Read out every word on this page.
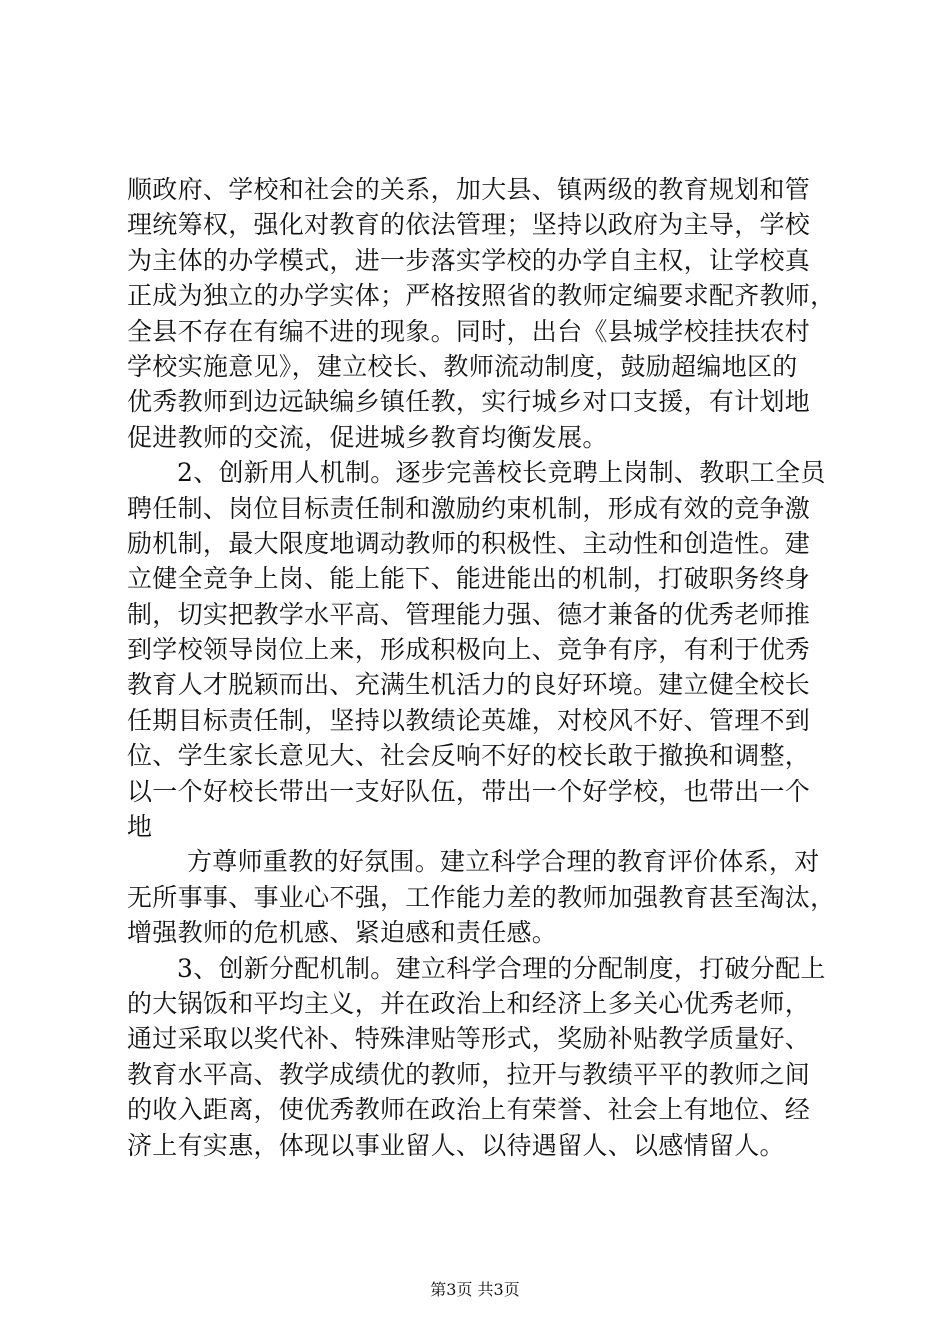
顺政府、学校和社会的关系，加大县、镇两级的教育规划和管
理统筹权，强化对教育的依法管理；坚持以政府为主导，学校
为主体的办学模式，进一步落实学校的办学自主权，让学校真
正成为独立的办学实体；严格按照省的教师定编要求配齐教师，
全县不存在有编不进的现象。同时，出台《县城学校挂扶农村
学校实施意见》，建立校长、教师流动制度，鼓励超编地区的
优秀教师到边远缺编乡镇任教，实行城乡对口支援，有计划地
促进教师的交流，促进城乡教育均衡发展。
2、创新用人机制。逐步完善校长竞聘上岗制、教职工全员
聘任制、岗位目标责任制和激励约束机制，形成有效的竞争激
励机制，最大限度地调动教师的积极性、主动性和创造性。建
立健全竞争上岗、能上能下、能进能出的机制，打破职务终身
制，切实把教学水平高、管理能力强、德才兼备的优秀老师推
到学校领导岗位上来，形成积极向上、竞争有序，有利于优秀
教育人才脱颖而出、充满生机活力的良好环境。建立健全校长
任期目标责任制，坚持以教绩论英雄，对校风不好、管理不到
位、学生家长意见大、社会反响不好的校长敢于撤换和调整，
以一个好校长带出一支好队伍，带出一个好学校，也带出一个
地
方尊师重教的好氛围。建立科学合理的教育评价体系，对
无所事事、事业心不强，工作能力差的教师加强教育甚至淘汰，
增强教师的危机感、紧迫感和责任感。
3、创新分配机制。建立科学合理的分配制度，打破分配上
的大锅饭和平均主义，并在政治上和经济上多关心优秀老师，
通过采取以奖代补、特殊津贴等形式，奖励补贴教学质量好、
教育水平高、教学成绩优的教师，拉开与教绩平平的教师之间
的收入距离，使优秀教师在政治上有荣誉、社会上有地位、经
济上有实惠，体现以事业留人、以待遇留人、以感情留人。
第3页 共3页
